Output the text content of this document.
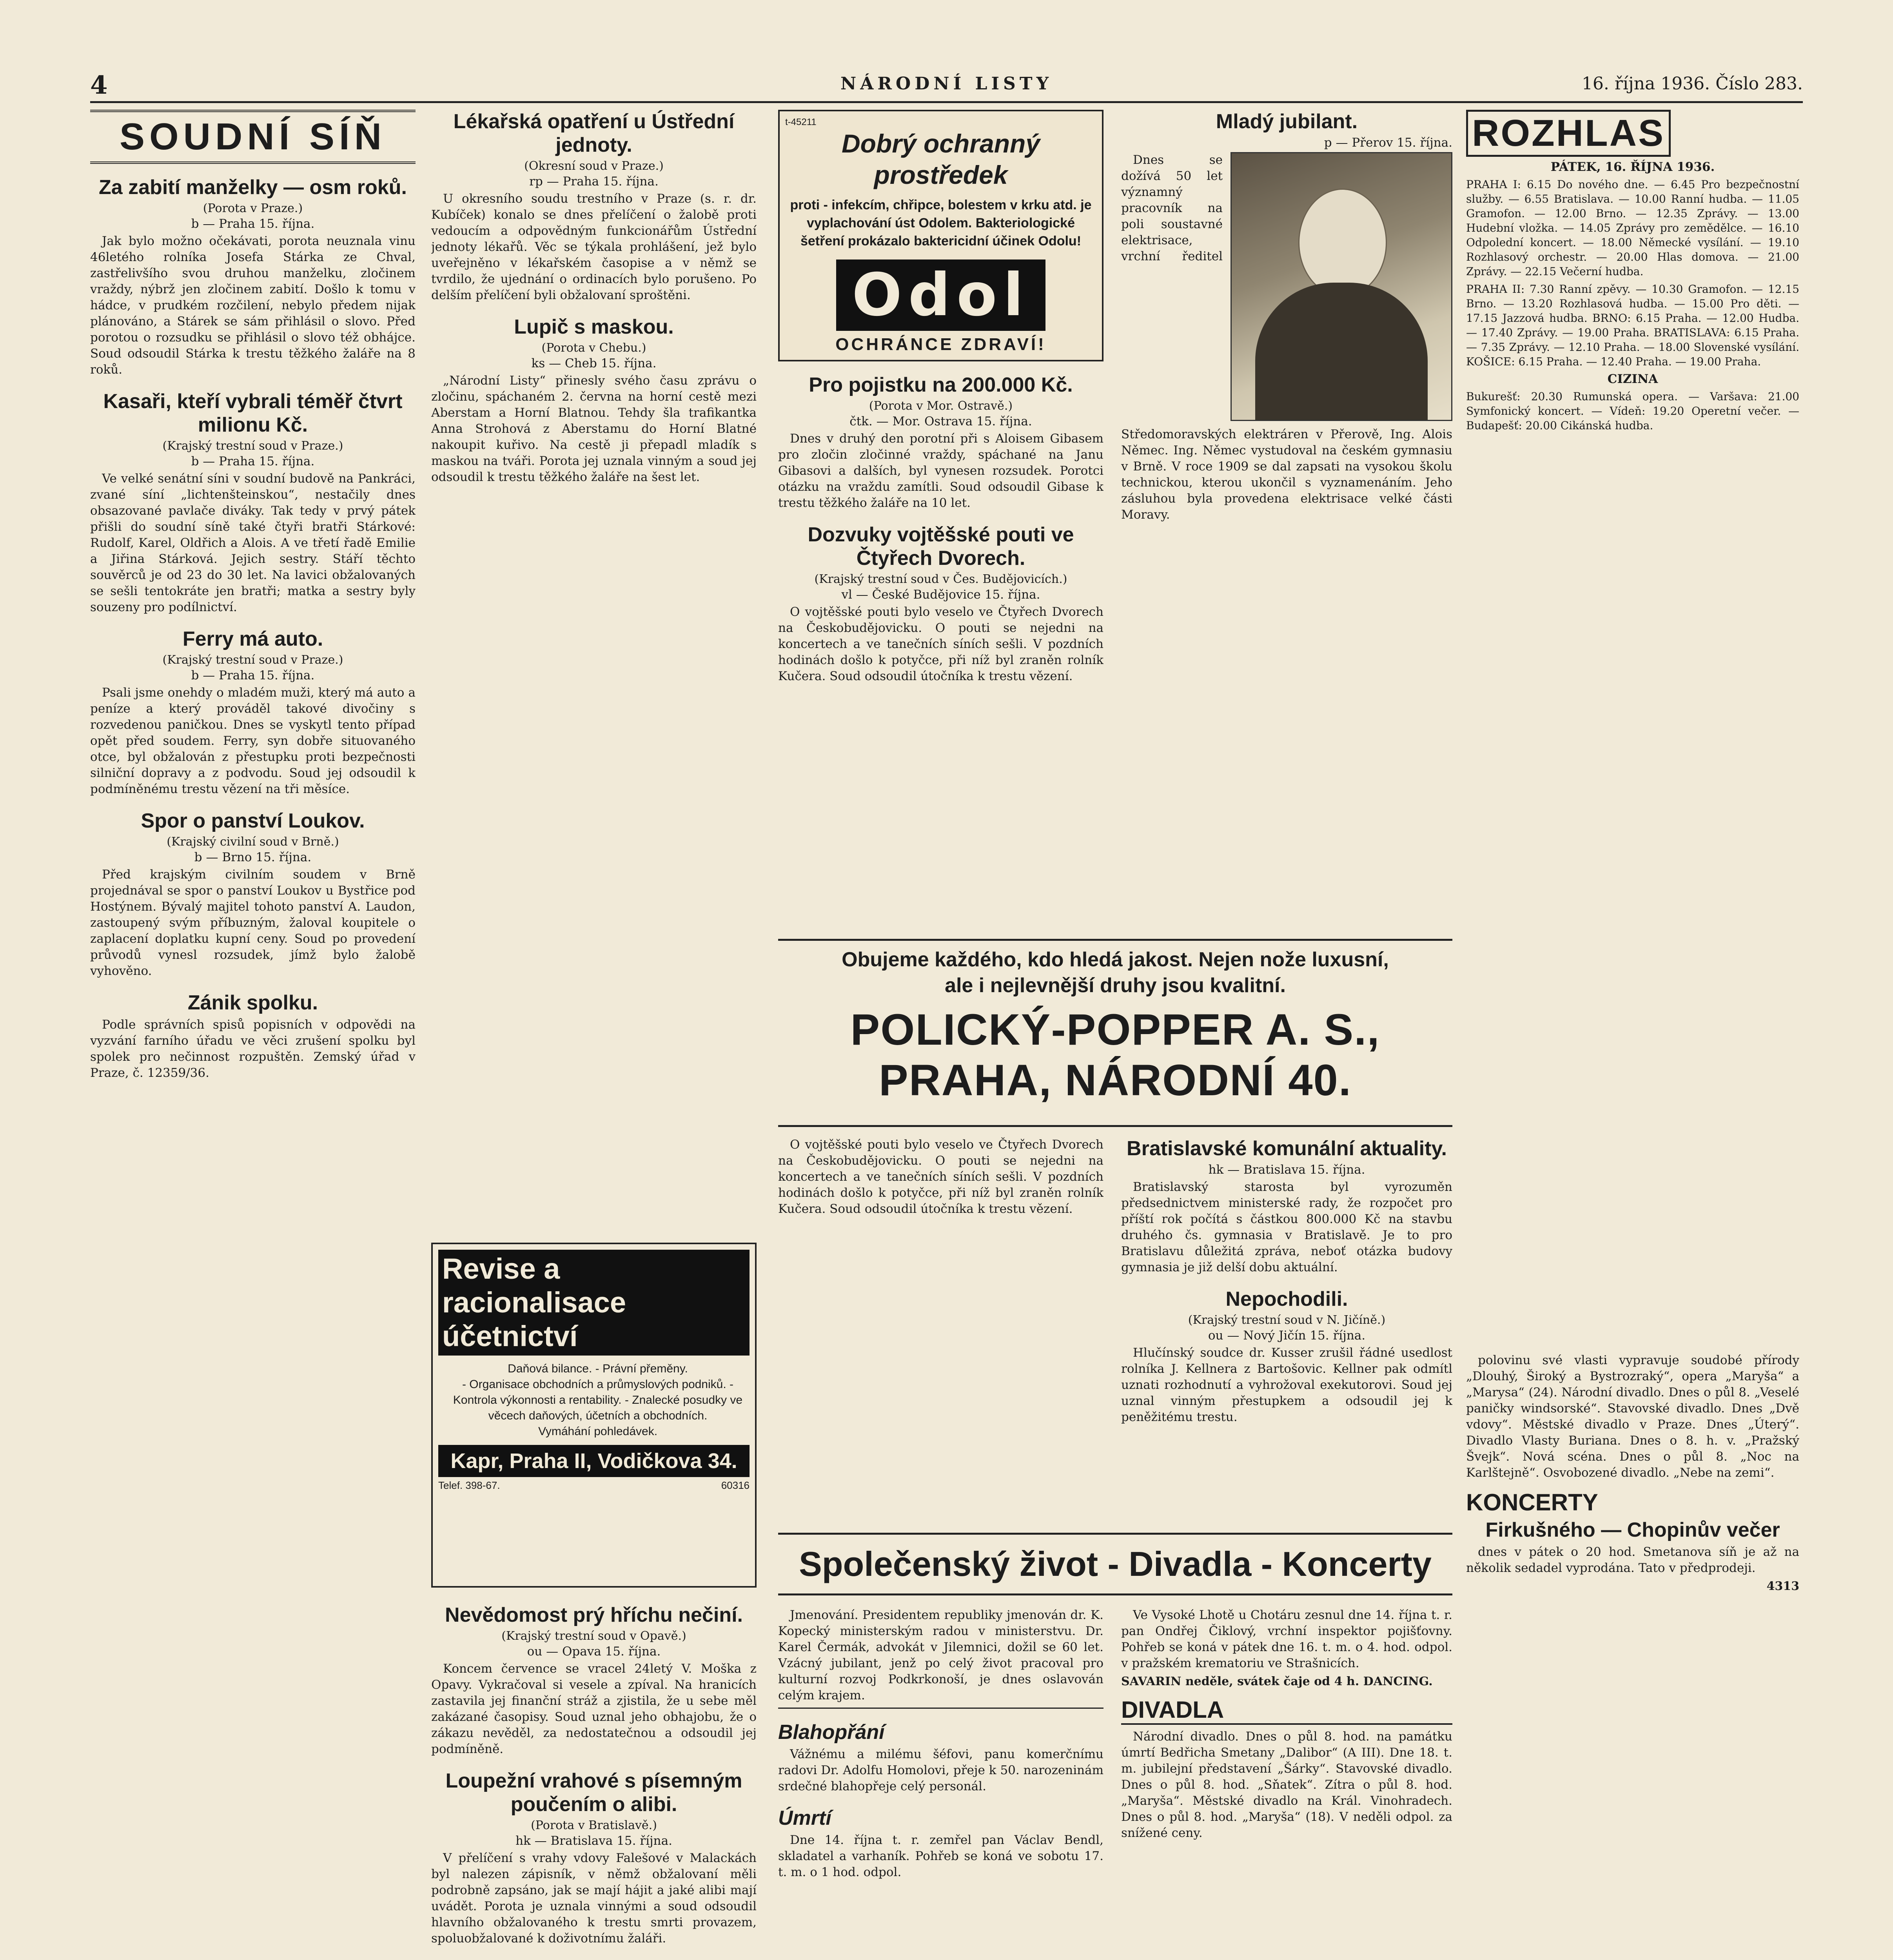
4	NÁRODNÍ LISTY	16. října 1936. Číslo 283.
SOUDNÍ SÍŇ
Za zabití manželky — osm roků.
(Porota v Praze.)
b — Praha 15. října.

Jak bylo možno očekávati, porota neuznala vinu 46letého rolníka Josefa Stárka ze Chval, zastřelivšího svou druhou manželku, zločinem vraždy, nýbrž jen zločinem zabití. Došlo k tomu v hádce, v prudkém rozčilení, nebylo předem nijak plánováno, a Stárek se sám přihlásil o slovo. Před porotou o rozsudku se přihlásil o slovo též obhájce. Soud odsoudil Stárka k trestu těžkého žaláře na 8 roků.

Kasaři, kteří vybrali téměř čtvrt milionu Kč.
(Krajský trestní soud v Praze.)
b — Praha 15. října.

Ve velké senátní síni v soudní budově na Pankráci, zvané síní „lichtenšteinskou“, nestačily dnes obsazované pavlače diváky. Tak tedy v prvý pátek přišli do soudní síně také čtyři bratři Stárkové: Rudolf, Karel, Oldřich a Alois. A ve třetí řadě Emilie a Jiřina Stárková. Jejich sestry. Stáří těchto souvěrců je od 23 do 30 let. Na lavici obžalovaných se sešli tentokráte jen bratři; matka a sestry byly souzeny pro podílnictví.

Ferry má auto.
(Krajský trestní soud v Praze.)
b — Praha 15. října.

Psali jsme onehdy o mladém muži, který má auto a peníze a který prováděl takové divočiny s rozvedenou paničkou. Dnes se vyskytl tento případ opět před soudem. Ferry, syn dobře situovaného otce, byl obžalován z přestupku proti bezpečnosti silniční dopravy a z podvodu. Soud jej odsoudil k podmíněnému trestu vězení na tři měsíce.

Spor o panství Loukov.
(Krajský civilní soud v Brně.)
b — Brno 15. října.

Před krajským civilním soudem v Brně projednával se spor o panství Loukov u Bystřice pod Hostýnem. Bývalý majitel tohoto panství A. Laudon, zastoupený svým příbuzným, žaloval koupitele o zaplacení doplatku kupní ceny. Soud po provedení průvodů vynesl rozsudek, jímž bylo žalobě vyhověno.

Zánik spolku.

Podle správních spisů popisních v odpovědi na vyzvání farního úřadu ve věci zrušení spolku byl spolek pro nečinnost rozpuštěn. Zemský úřad v Praze, č. 12359/36.

Lékařská opatření u Ústřední jednoty.
(Okresní soud v Praze.)
rp — Praha 15. října.

U okresního soudu trestního v Praze (s. r. dr. Kubíček) konalo se dnes přelíčení o žalobě proti vedoucím a odpovědným funkcionářům Ústřední jednoty lékařů. Věc se týkala prohlášení, jež bylo uveřejněno v lékařském časopise a v němž se tvrdilo, že ujednání o ordinacích bylo porušeno. Po delším přelíčení byli obžalovaní sproštěni.

Lupič s maskou.
(Porota v Chebu.)
ks — Cheb 15. října.

„Národní Listy“ přinesly svého času zprávu o zločinu, spáchaném 2. června na horní cestě mezi Aberstam a Horní Blatnou. Tehdy šla trafikantka Anna Strohová z Aberstamu do Horní Blatné nakoupit kuřivo. Na cestě ji přepadl mladík s maskou na tváři. Porota jej uznala vinným a soud jej odsoudil k trestu těžkého žaláře na šest let.

Revise a racionalisace účetnictví
Daňová bilance. - Právní přeměny.
- Organisace obchodních a průmyslových podniků. - Kontrola výkonnosti a rentability. - Znalecké posudky ve věcech daňových, účetních a obchodních.
Vymáhání pohledávek.
Kapr, Praha II, Vodičkova 34.
Telef. 398-67.	60316
Nevědomost prý hříchu nečiní.
(Krajský trestní soud v Opavě.)
ou — Opava 15. října.

Koncem července se vracel 24letý V. Moška z Opavy. Vykračoval si vesele a zpíval. Na hranicích zastavila jej finanční stráž a zjistila, že u sebe měl zakázané časopisy. Soud uznal jeho obhajobu, že o zákazu nevěděl, za nedostatečnou a odsoudil jej podmíněně.

Loupežní vrahové s písemným poučením o alibi.
(Porota v Bratislavě.)
hk — Bratislava 15. října.

V přelíčení s vrahy vdovy Falešové v Malackách byl nalezen zápisník, v němž obžalovaní měli podrobně zapsáno, jak se mají hájit a jaké alibi mají uvádět. Porota je uznala vinnými a soud odsoudil hlavního obžalovaného k trestu smrti provazem, spoluobžalované k doživotnímu žaláři.

t-45211
Dobrý ochranný prostředek
proti - infekcím, chřipce, bolestem v krku atd. je vyplachování úst Odolem. Bakteriologické šetření prokázalo baktericidní účinek Odolu!
Odol
OCHRÁNCE ZDRAVÍ!
Pro pojistku na 200.000 Kč.
(Porota v Mor. Ostravě.)
čtk. — Mor. Ostrava 15. října.

Dnes v druhý den porotní při s Aloisem Gibasem pro zločin zločinné vraždy, spáchané na Janu Gibasovi a dalších, byl vynesen rozsudek. Porotci otázku na vraždu zamítli. Soud odsoudil Gibase k trestu těžkého žaláře na 10 let.

Dozvuky vojtěšské pouti ve Čtyřech Dvorech.
(Krajský trestní soud v Čes. Budějovicích.)
vl — České Budějovice 15. října.

O vojtěšské pouti bylo veselo ve Čtyřech Dvorech na Českobudějovicku. O pouti se nejedni na koncertech a ve tanečních síních sešli. V pozdních hodinách došlo k potyčce, při níž byl zraněn rolník Kučera. Soud odsoudil útočníka k trestu vězení.

Mladý jubilant.
p — Přerov 15. října.

Dnes se dožívá 50 let významný pracovník na poli soustavné elektrisace, vrchní ředitel Středomoravských elektráren v Přerově, Ing. Alois Němec. Ing. Němec vystudoval na českém gymnasiu v Brně. V roce 1909 se dal zapsati na vysokou školu technickou, kterou ukončil s vyznamenáním. Jeho zásluhou byla provedena elektrisace velké části Moravy.

Obujeme každého, kdo hledá jakost. Nejen nože luxusní,
ale i nejlevnější druhy jsou kvalitní.
POLICKÝ-POPPER A. S., PRAHA, NÁRODNÍ 40.

O vojtěšské pouti bylo veselo ve Čtyřech Dvorech na Českobudějovicku. O pouti se nejedni na koncertech a ve tanečních síních sešli. V pozdních hodinách došlo k potyčce, při níž byl zraněn rolník Kučera. Soud odsoudil útočníka k trestu vězení.

Bratislavské komunální aktuality.
hk — Bratislava 15. října.

Bratislavský starosta byl vyrozuměn předsednictvem ministerské rady, že rozpočet pro příští rok počítá s částkou 800.000 Kč na stavbu druhého čs. gymnasia v Bratislavě. Je to pro Bratislavu důležitá zpráva, neboť otázka budovy gymnasia je již delší dobu aktuální.

Nepochodili.
(Krajský trestní soud v N. Jičíně.)
ou — Nový Jičín 15. října.

Hlučínský soudce dr. Kusser zrušil řádné usedlost rolníka J. Kellnera z Bartošovic. Kellner pak odmítl uznati rozhodnutí a vyhrožoval exekutorovi. Soud jej uznal vinným přestupkem a odsoudil jej k peněžitému trestu.

Společenský život - Divadla - Koncerty

Jmenování. Presidentem republiky jmenován dr. K. Kopecký ministerským radou v ministerstvu. Dr. Karel Čermák, advokát v Jilemnici, dožil se 60 let. Vzácný jubilant, jenž po celý život pracoval pro kulturní rozvoj Podkrkonoší, je dnes oslavován celým krajem.

Blahopřání

Vážnému a milému šéfovi, panu komerčnímu radovi Dr. Adolfu Homolovi, přeje k 50. narozeninám srdečné blahopřeje celý personál.

Úmrtí

Dne 14. října t. r. zemřel pan Václav Bendl, skladatel a varhaník. Pohřeb se koná ve sobotu 17. t. m. o 1 hod. odpol.

Ve Vysoké Lhotě u Chotáru zesnul dne 14. října t. r. pan Ondřej Čiklový, vrchní inspektor pojišťovny. Pohřeb se koná v pátek dne 16. t. m. o 4. hod. odpol. v pražském krematoriu ve Strašnicích.

SAVARIN neděle, svátek čaje od 4 h. DANCING.
DIVADLA

Národní divadlo. Dnes o půl 8. hod. na památku úmrtí Bedřicha Smetany „Dalibor“ (A III). Dne 18. t. m. jubilejní představení „Šárky“. Stavovské divadlo. Dnes o půl 8. hod. „Sňatek“. Zítra o půl 8. hod. „Maryša“. Městské divadlo na Král. Vinohradech. Dnes o půl 8. hod. „Maryša“ (18). V neděli odpol. za snížené ceny.

ROZHLAS
PÁTEK, 16. ŘÍJNA 1936.

PRAHA I: 6.15 Do nového dne. — 6.45 Pro bezpečnostní služby. — 6.55 Bratislava. — 10.00 Ranní hudba. — 11.05 Gramofon. — 12.00 Brno. — 12.35 Zprávy. — 13.00 Hudební vložka. — 14.05 Zprávy pro zemědělce. — 16.10 Odpolední koncert. — 18.00 Německé vysílání. — 19.10 Rozhlasový orchestr. — 20.00 Hlas domova. — 21.00 Zprávy. — 22.15 Večerní hudba.

PRAHA II: 7.30 Ranní zpěvy. — 10.30 Gramofon. — 12.15 Brno. — 13.20 Rozhlasová hudba. — 15.00 Pro děti. — 17.15 Jazzová hudba. BRNO: 6.15 Praha. — 12.00 Hudba. — 17.40 Zprávy. — 19.00 Praha. BRATISLAVA: 6.15 Praha. — 7.35 Zprávy. — 12.10 Praha. — 18.00 Slovenské vysílání. KOŠICE: 6.15 Praha. — 12.40 Praha. — 19.00 Praha.

CIZINA

Bukurešť: 20.30 Rumunská opera. — Varšava: 21.00 Symfonický koncert. — Vídeň: 19.20 Operetní večer. — Budapešť: 20.00 Cikánská hudba.

polovinu své vlasti vypravuje soudobé přírody „Dlouhý, Široký a Bystrozraký“, opera „Maryša“ a „Marysa“ (24). Národní divadlo. Dnes o půl 8. „Veselé paničky windsorské“. Stavovské divadlo. Dnes „Dvě vdovy“. Městské divadlo v Praze. Dnes „Úterý“. Divadlo Vlasty Buriana. Dnes o 8. h. v. „Pražský Švejk“. Nová scéna. Dnes o půl 8. „Noc na Karlštejně“. Osvobozené divadlo. „Nebe na zemi“.

KONCERTY
Firkušného — Chopinův večer

dnes v pátek o 20 hod. Smetanova síň je až na několik sedadel vyprodána. Tato v předprodeji.

4313
